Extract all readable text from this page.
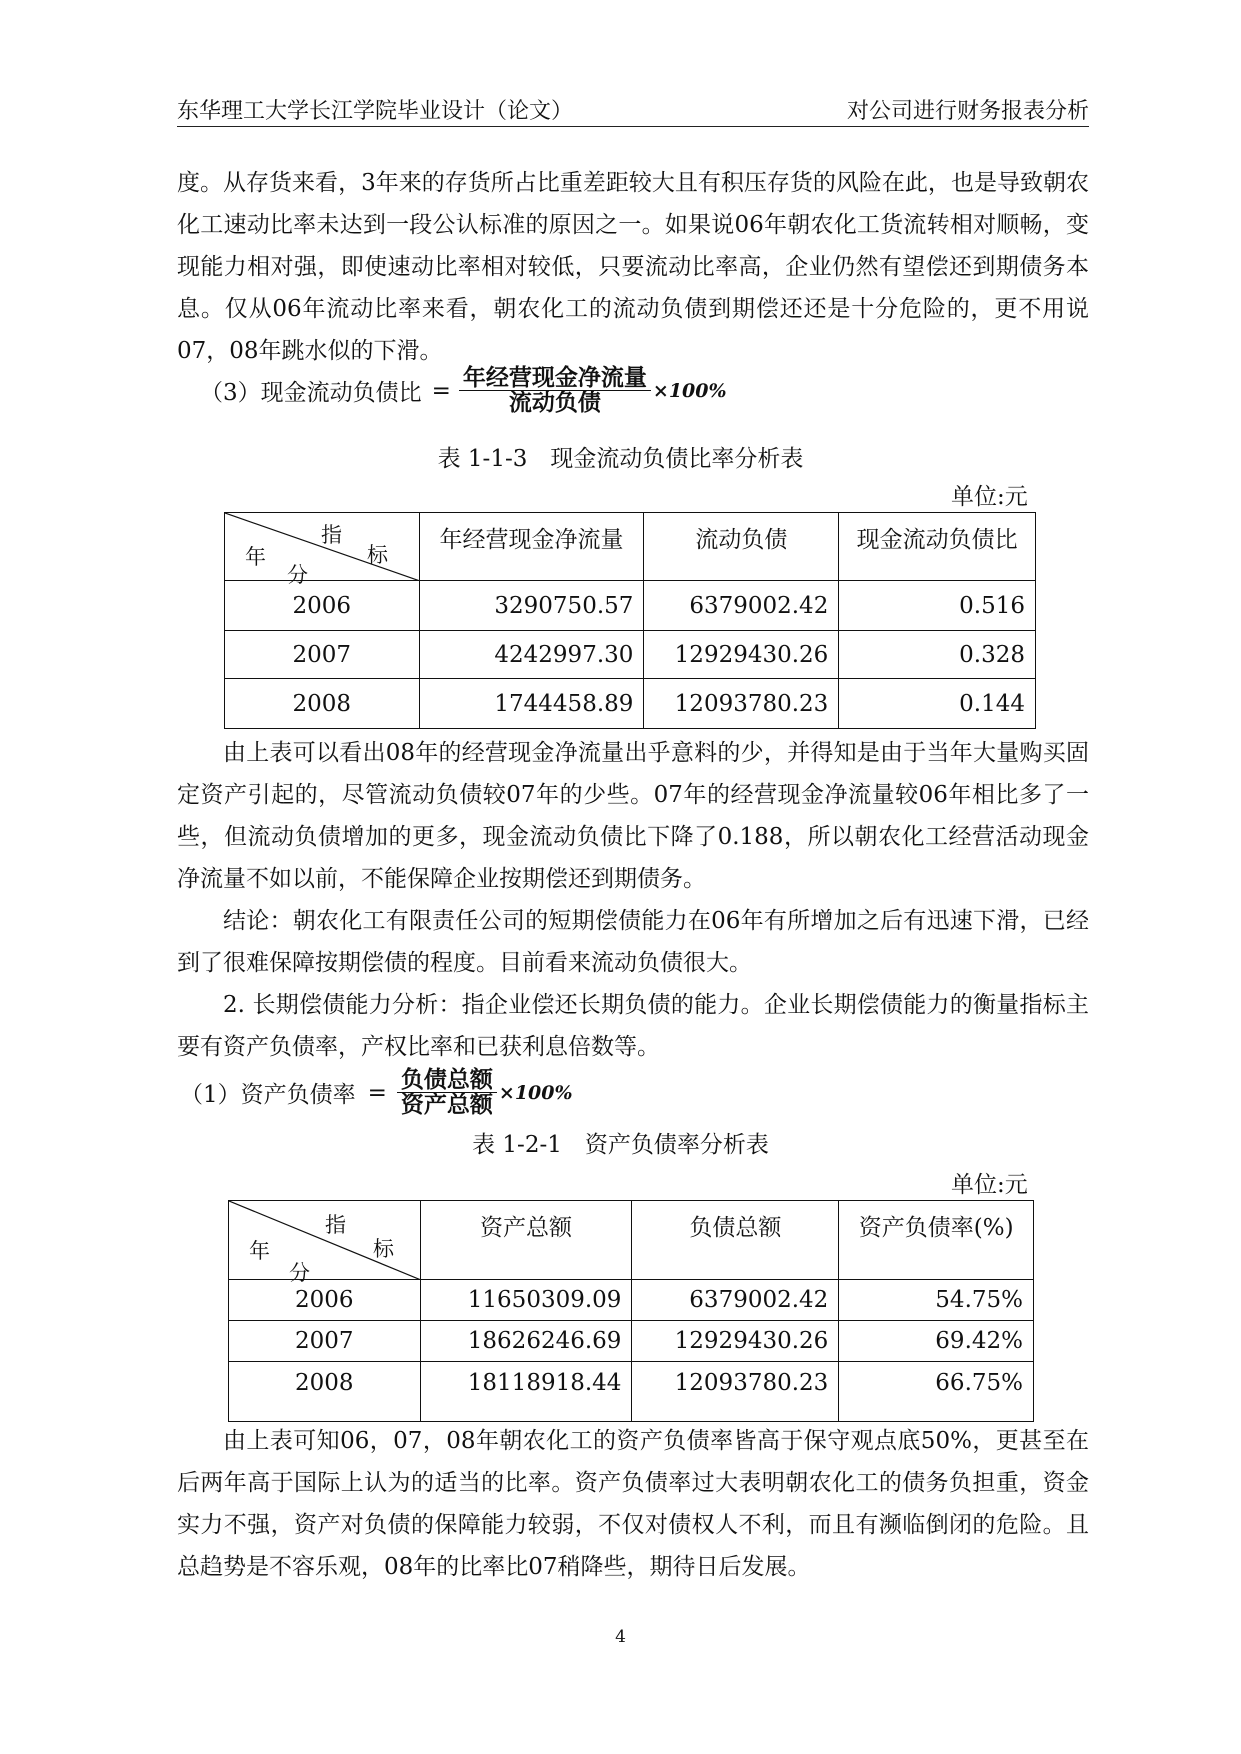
东华理工大学长江学院毕业设计（论文）	对公司进行财务报表分析

度。从存货来看，3年来的存货所占比重差距较大且有积压存货的风险在此，也是导致朝农化工速动比率未达到一段公认标准的原因之一。如果说06年朝农化工货流转相对顺畅，变现能力相对强，即使速动比率相对较低，只要流动比率高，企业仍然有望偿还到期债务本息。仅从06年流动比率来看，朝农化工的流动负债到期偿还还是十分危险的，更不用说07，08年跳水似的下滑。

（3）现金流动负债比 = $\frac{\text{年经营现金净流量}}{\text{流动负债}} \times 100\%$
表 1-1-3　现金流动负债比率分析表
单位:元
指
标
年
分	年经营现金净流量	流动负债	现金流动负债比
2006	3290750.57	6379002.42	0.516
2007	4242997.30	12929430.26	0.328
2008	1744458.89	12093780.23	0.144

由上表可以看出08年的经营现金净流量出乎意料的少，并得知是由于当年大量购买固定资产引起的，尽管流动负债较07年的少些。07年的经营现金净流量较06年相比多了一些，但流动负债增加的更多，现金流动负债比下降了0.188，所以朝农化工经营活动现金净流量不如以前，不能保障企业按期偿还到期债务。

结论：朝农化工有限责任公司的短期偿债能力在06年有所增加之后有迅速下滑，已经到了很难保障按期偿债的程度。目前看来流动负债很大。

2. 长期偿债能力分析：指企业偿还长期负债的能力。企业长期偿债能力的衡量指标主要有资产负债率，产权比率和已获利息倍数等。

（1）资产负债率 = $\frac{\text{负债总额}}{\text{资产总额}} \times 100\%$
表 1-2-1　资产负债率分析表
单位:元
指
标
年
分	资产总额	负债总额	资产负债率(%)
2006	11650309.09	6379002.42	54.75%
2007	18626246.69	12929430.26	69.42%
2008	18118918.44	12093780.23	66.75%

由上表可知06，07，08年朝农化工的资产负债率皆高于保守观点底50%，更甚至在后两年高于国际上认为的适当的比率。资产负债率过大表明朝农化工的债务负担重，资金实力不强，资产对负债的保障能力较弱，不仅对债权人不利，而且有濒临倒闭的危险。且总趋势是不容乐观，08年的比率比07稍降些，期待日后发展。

4
